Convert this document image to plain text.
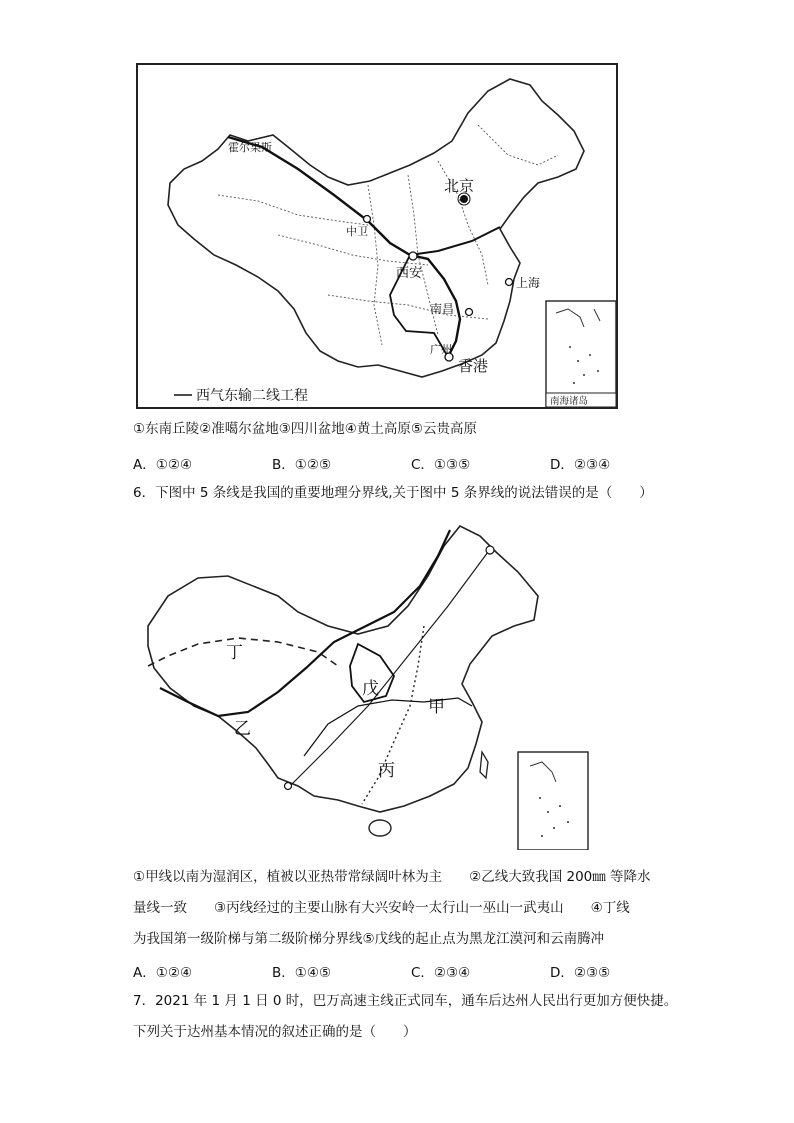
霍尔果斯
北京
中卫
西安
上海
南昌
广州
香港
西气东输二线工程	南海诸岛
①东南丘陵②准噶尔盆地③四川盆地④黄土高原⑤云贵高原
A．①②④	B．①②⑤	C．①③⑤	D．②③④
6．下图中 5 条线是我国的重要地理分界线,关于图中 5 条界线的说法错误的是（　　）
丁
乙
戊
甲
丙
①甲线以南为湿润区，植被以亚热带常绿阔叶林为主　　②乙线大致我国 200㎜ 等降水
量线一致　　③丙线经过的主要山脉有大兴安岭一太行山一巫山一武夷山　　④丁线
为我国第一级阶梯与第二级阶梯分界线⑤戊线的起止点为黑龙江漠河和云南腾冲
A．①②④	B．①④⑤	C．②③④	D．②③⑤
7．2021 年 1 月 1 日 0 时，巴万高速主线正式同车，通车后达州人民出行更加方便快捷。
下列关于达州基本情况的叙述正确的是（　　）
